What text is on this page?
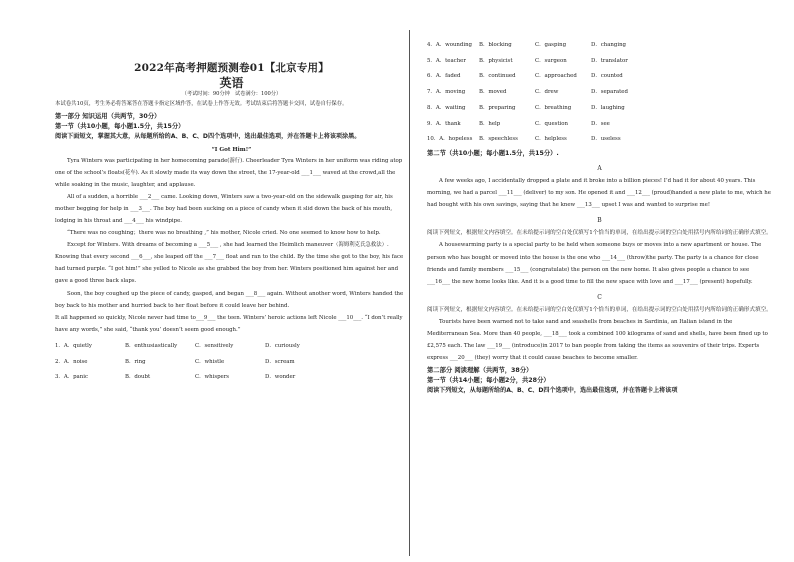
2022年高考押题预测卷01【北京专用】
英语
（考试时间：90分钟　试卷满分：100分）
本试卷共10页，考生务必将答案答在答题卡指定区域作答，在试卷上作答无效。考试结束后将答题卡交回，试卷自行保存。
第一部分 知识运用（共两节，30分）
第一节（共10小题，每小题1.5分，共15分）
阅读下面短文，掌握其大意，从每题所给的A、B、C、D四个选项中，选出最佳选项，并在答题卡上将该项涂黑。
“I Got Him!”
Tyra Winters was participating in her homecoming parade(游行). Cheerleader Tyra Winters in her uniform was riding atop one of the school’s floats(花车). As it slowly made its way down the street, the 17-year-old ___1___ waved at the crowd,all the while soaking in the music, laughter, and applause.
All of a sudden, a horrible ___2___ came. Looking down, Winters saw a two-year-old on the sidewalk gasping for air, his mother begging for help in ___3___. The boy had been sucking on a piece of candy when it slid down the back of his mouth, lodging in his throat and ___4___ his windpipe.
“There was no coughing；there was no breathing ,” his mother, Nicole cried. No one seemed to know how to help.
Except for Winters. With dreams of becoming a ___5___ , she had learned the Heimlich maneuver（海姆利克氏急救法）. Knowing that every second ___6___, she leaped off the ___7___ float and ran to the child. By the time she got to the boy, his face had turned purple. “I got him!” she yelled to Nicole as she grabbed the boy from her. Winters positioned him against her and gave a good three back slaps.
Soon, the boy coughed up the piece of candy, gasped, and began ___8___ again. Without another word, Winters handed the boy back to his mother and hurried back to her float before it could leave her behind.
It all happened so quickly, Nicole never had time to___9___ the teen. Winters’ heroic actions left Nicole ___10___. “I don’t really have any words,” she said, “thank you’ doesn’t seem good enough.”
1．A．quietly	B．enthusiastically	C．sensitively	D．curiously
2．A．noise	B．ring	C．whistle	D．scream
3．A．panic	B．doubt	C．whispers	D．wonder
4．A．wounding	B．blocking	C．gasping	D．changing
5．A．teacher	B．physicist	C．surgeon	D．translator
6．A．faded	B．continued	C．approached	D．counted
7．A．moving	B．moved	C．drew	D．separated
8．A．waiting	B．preparing	C．breathing	D．laughing
9．A．thank	B．help	C．question	D．see
10．A．hopeless	B．speechless	C．helpless	D．useless
第二节（共10小题；每小题1.5分，共15分）.
A
A few weeks ago, I accidentally dropped a plate and it broke into a billion pieces! I’d had it for about 40 years. This morning, we had a parcel ___11___ (deliver) to my son. He opened it and ___12___ (proud)handed a new plate to me, which he had bought with his own savings, saying that he knew ___13___ upset I was and wanted to surprise me!
B
阅读下列短文，根据短文内容填空。在未给提示词的空白处仅填写1个恰当的单词，在给出提示词的空白处用括号内所给词的正确形式填空。
A housewarming party is a special party to be held when someone buys or moves into a new apartment or house. The person who has bought or moved into the house is the one who ___14___ (throw)the party. The party is a chance for close friends and family members ___15___ (congratulate) the person on the new home. It also gives people a chance to see ___16___ the new home looks like. And it is a good time to fill the new space with love and ___17___ (present) hopefully.
C
阅读下列短文，根据短文内容填空。在未给提示词的空白处仅填写1个恰当的单词，在给出提示词的空白处用括号内所给词的正确形式填空。
Tourists have been warned not to take sand and seashells from beaches in Sardinia, an Italian island in the Mediterranean Sea. More than 40 people, ___18___ took a combined 100 kilograms of sand and shells, have been fined up to £2,575 each. The law ___19___ (introduce)in 2017 to ban people from taking the items as souvenirs of their trips. Experts express ___20___ (they) worry that it could cause beaches to become smaller.
第二部分 阅读理解（共两节，38分）
第一节（共14小题；每小题2分，共28分）
阅读下列短文，从每题所给的A、B、C、D四个选项中，选出最佳选项，并在答题卡上将该项
